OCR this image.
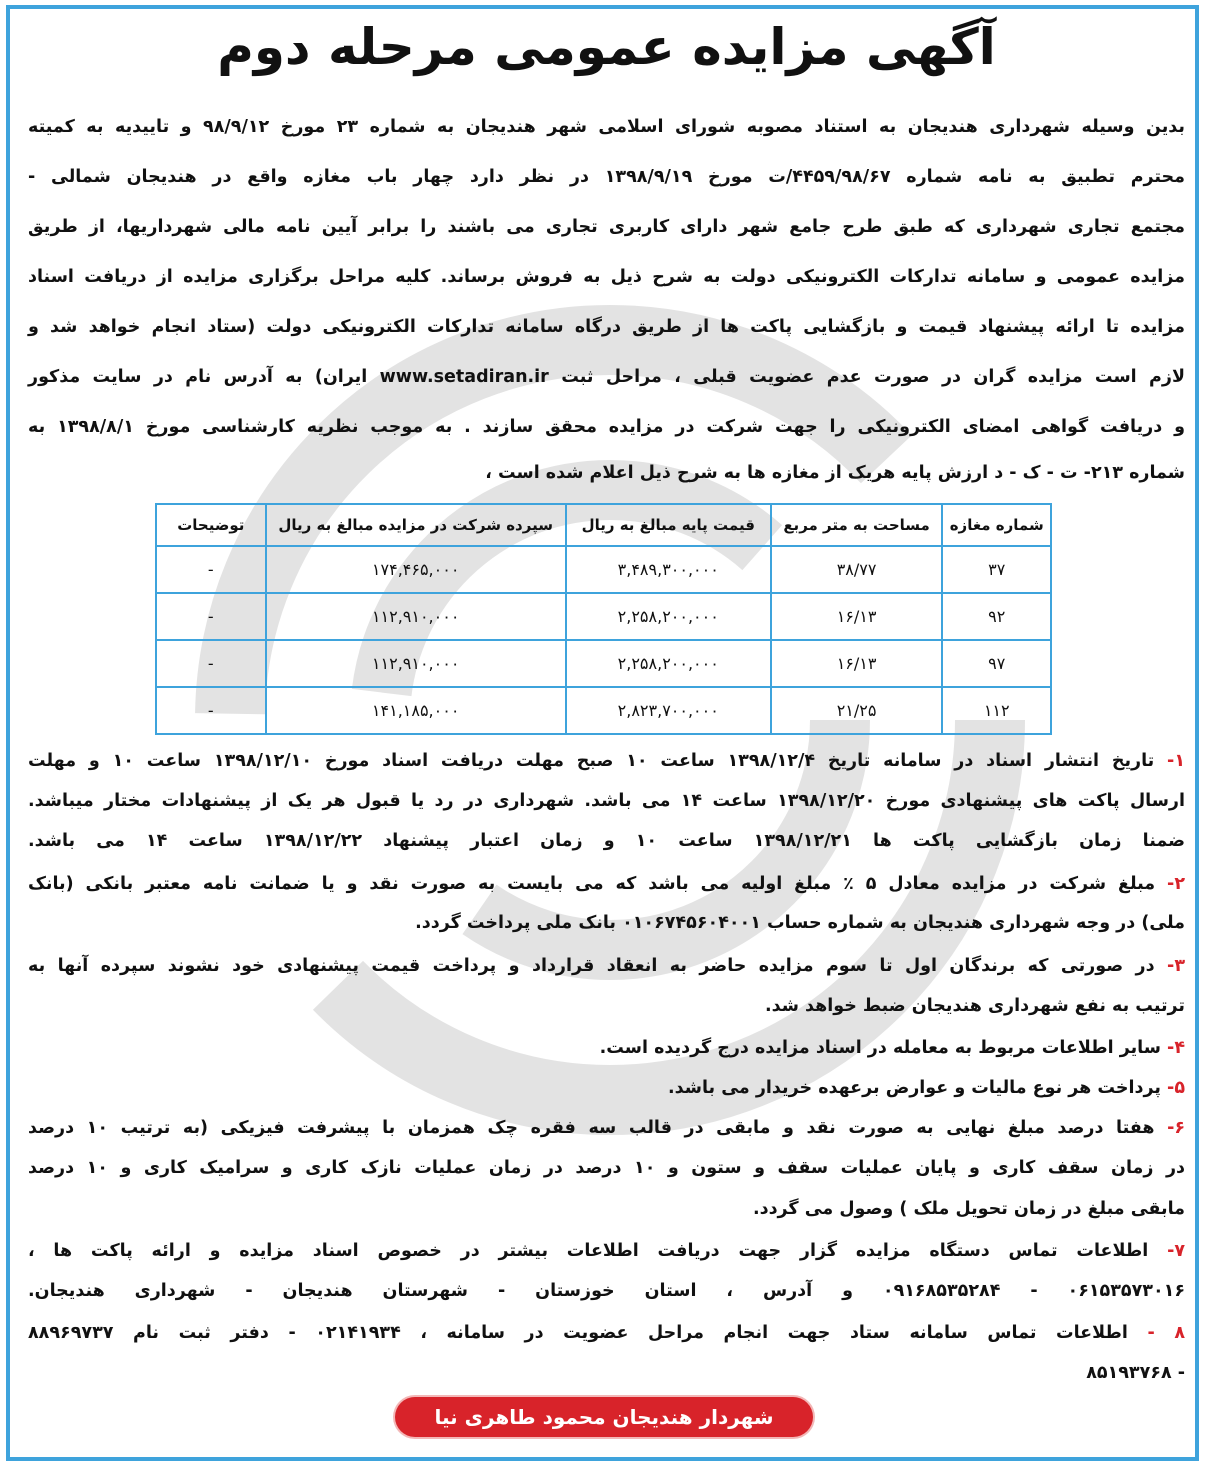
آگهی مزایده عمومی مرحله دوم
بدین وسیله شهرداری هندیجان به استناد مصوبه شورای اسلامی شهر هندیجان به شماره ۲۳ مورخ ۹۸/۹/۱۲ و تاییدیه به کمیته
محترم تطبیق به نامه شماره ۴۴۵۹/۹۸/۶۷/ت مورخ ۱۳۹۸/۹/۱۹ در نظر دارد چهار باب مغازه واقع در هندیجان شمالی -
مجتمع تجاری شهرداری که طبق طرح جامع شهر دارای کاربری تجاری می باشند را برابر آیین نامه مالی شهرداریها، از طریق
مزایده عمومی و سامانه تدارکات الکترونیکی دولت به شرح ذیل به فروش برساند. کلیه مراحل برگزاری مزایده از دریافت اسناد
مزایده تا ارائه پیشنهاد قیمت و بازگشایی پاکت ها از طریق درگاه سامانه تدارکات الکترونیکی دولت (ستاد انجام خواهد شد و
لازم است مزایده گران در صورت عدم عضویت قبلی ، مراحل ثبت www.setadiran.ir ایران) به آدرس نام در سایت مذکور
و دریافت گواهی امضای الکترونیکی را جهت شرکت در مزایده محقق سازند . به موجب نظریه کارشناسی مورخ ۱۳۹۸/۸/۱ به
شماره ۲۱۳- ت - ک - د ارزش پایه هریک از مغازه ها به شرح ذیل اعلام شده است ،
شماره مغازه	مساحت به متر مربع	قیمت پایه مبالغ به ریال	سپرده شرکت در مزایده مبالغ به ریال	توضیحات
۳۷	۳۸/۷۷	۳,۴۸۹,۳۰۰,۰۰۰	۱۷۴,۴۶۵,۰۰۰	-
۹۲	۱۶/۱۳	۲,۲۵۸,۲۰۰,۰۰۰	۱۱۲,۹۱۰,۰۰۰	-
۹۷	۱۶/۱۳	۲,۲۵۸,۲۰۰,۰۰۰	۱۱۲,۹۱۰,۰۰۰	-
۱۱۲	۲۱/۲۵	۲,۸۲۳,۷۰۰,۰۰۰	۱۴۱,۱۸۵,۰۰۰	-
۱- تاریخ انتشار اسناد در سامانه تاریخ ۱۳۹۸/۱۲/۴ ساعت ۱۰ صبح مهلت دریافت اسناد مورخ ۱۳۹۸/۱۲/۱۰ ساعت ۱۰ و مهلت
ارسال پاکت های پیشنهادی مورخ ۱۳۹۸/۱۲/۲۰ ساعت ۱۴ می باشد. شهرداری در رد یا قبول هر یک از پیشنهادات مختار میباشد.
ضمنا زمان بازگشایی پاکت ها ۱۳۹۸/۱۲/۲۱ ساعت ۱۰ و زمان اعتبار پیشنهاد ۱۳۹۸/۱۲/۲۲ ساعت ۱۴ می باشد.
۲- مبلغ شرکت در مزایده معادل ۵ ٪ مبلغ اولیه می باشد که می بایست به صورت نقد و یا ضمانت نامه معتبر بانکی (بانک
ملی) در وجه شهرداری هندیجان به شماره حساب ۰۱۰۶۷۴۵۶۰۴۰۰۱ بانک ملی پرداخت گردد.
۳- در صورتی که برندگان اول تا سوم مزایده حاضر به انعقاد قرارداد و پرداخت قیمت پیشنهادی خود نشوند سپرده آنها به
ترتیب به نفع شهرداری هندیجان ضبط خواهد شد.
۴- سایر اطلاعات مربوط به معامله در اسناد مزایده درج گردیده است.
۵- پرداخت هر نوع مالیات و عوارض برعهده خریدار می باشد.
۶- هفتا درصد مبلغ نهایی به صورت نقد و مابقی در قالب سه فقره چک همزمان با پیشرفت فیزیکی (به ترتیب ۱۰ درصد
در زمان سقف کاری و پایان عملیات سقف و ستون و ۱۰ درصد در زمان عملیات نازک کاری و سرامیک کاری و ۱۰ درصد
مابقی مبلغ در زمان تحویل ملک ) وصول می گردد.
۷- اطلاعات تماس دستگاه مزایده گزار جهت دریافت اطلاعات بیشتر در خصوص اسناد مزایده و ارائه پاکت ها ،
۰۶۱۵۳۵۷۳۰۱۶ - ۰۹۱۶۸۵۳۵۲۸۴ و آدرس ، استان خوزستان - شهرستان هندیجان - شهرداری هندیجان.
۸ - اطلاعات تماس سامانه ستاد جهت انجام مراحل عضویت در سامانه ، ۰۲۱۴۱۹۳۴ - دفتر ثبت نام ۸۸۹۶۹۷۳۷
- ۸۵۱۹۳۷۶۸
شهردار هندیجان محمود طاهری نیا
